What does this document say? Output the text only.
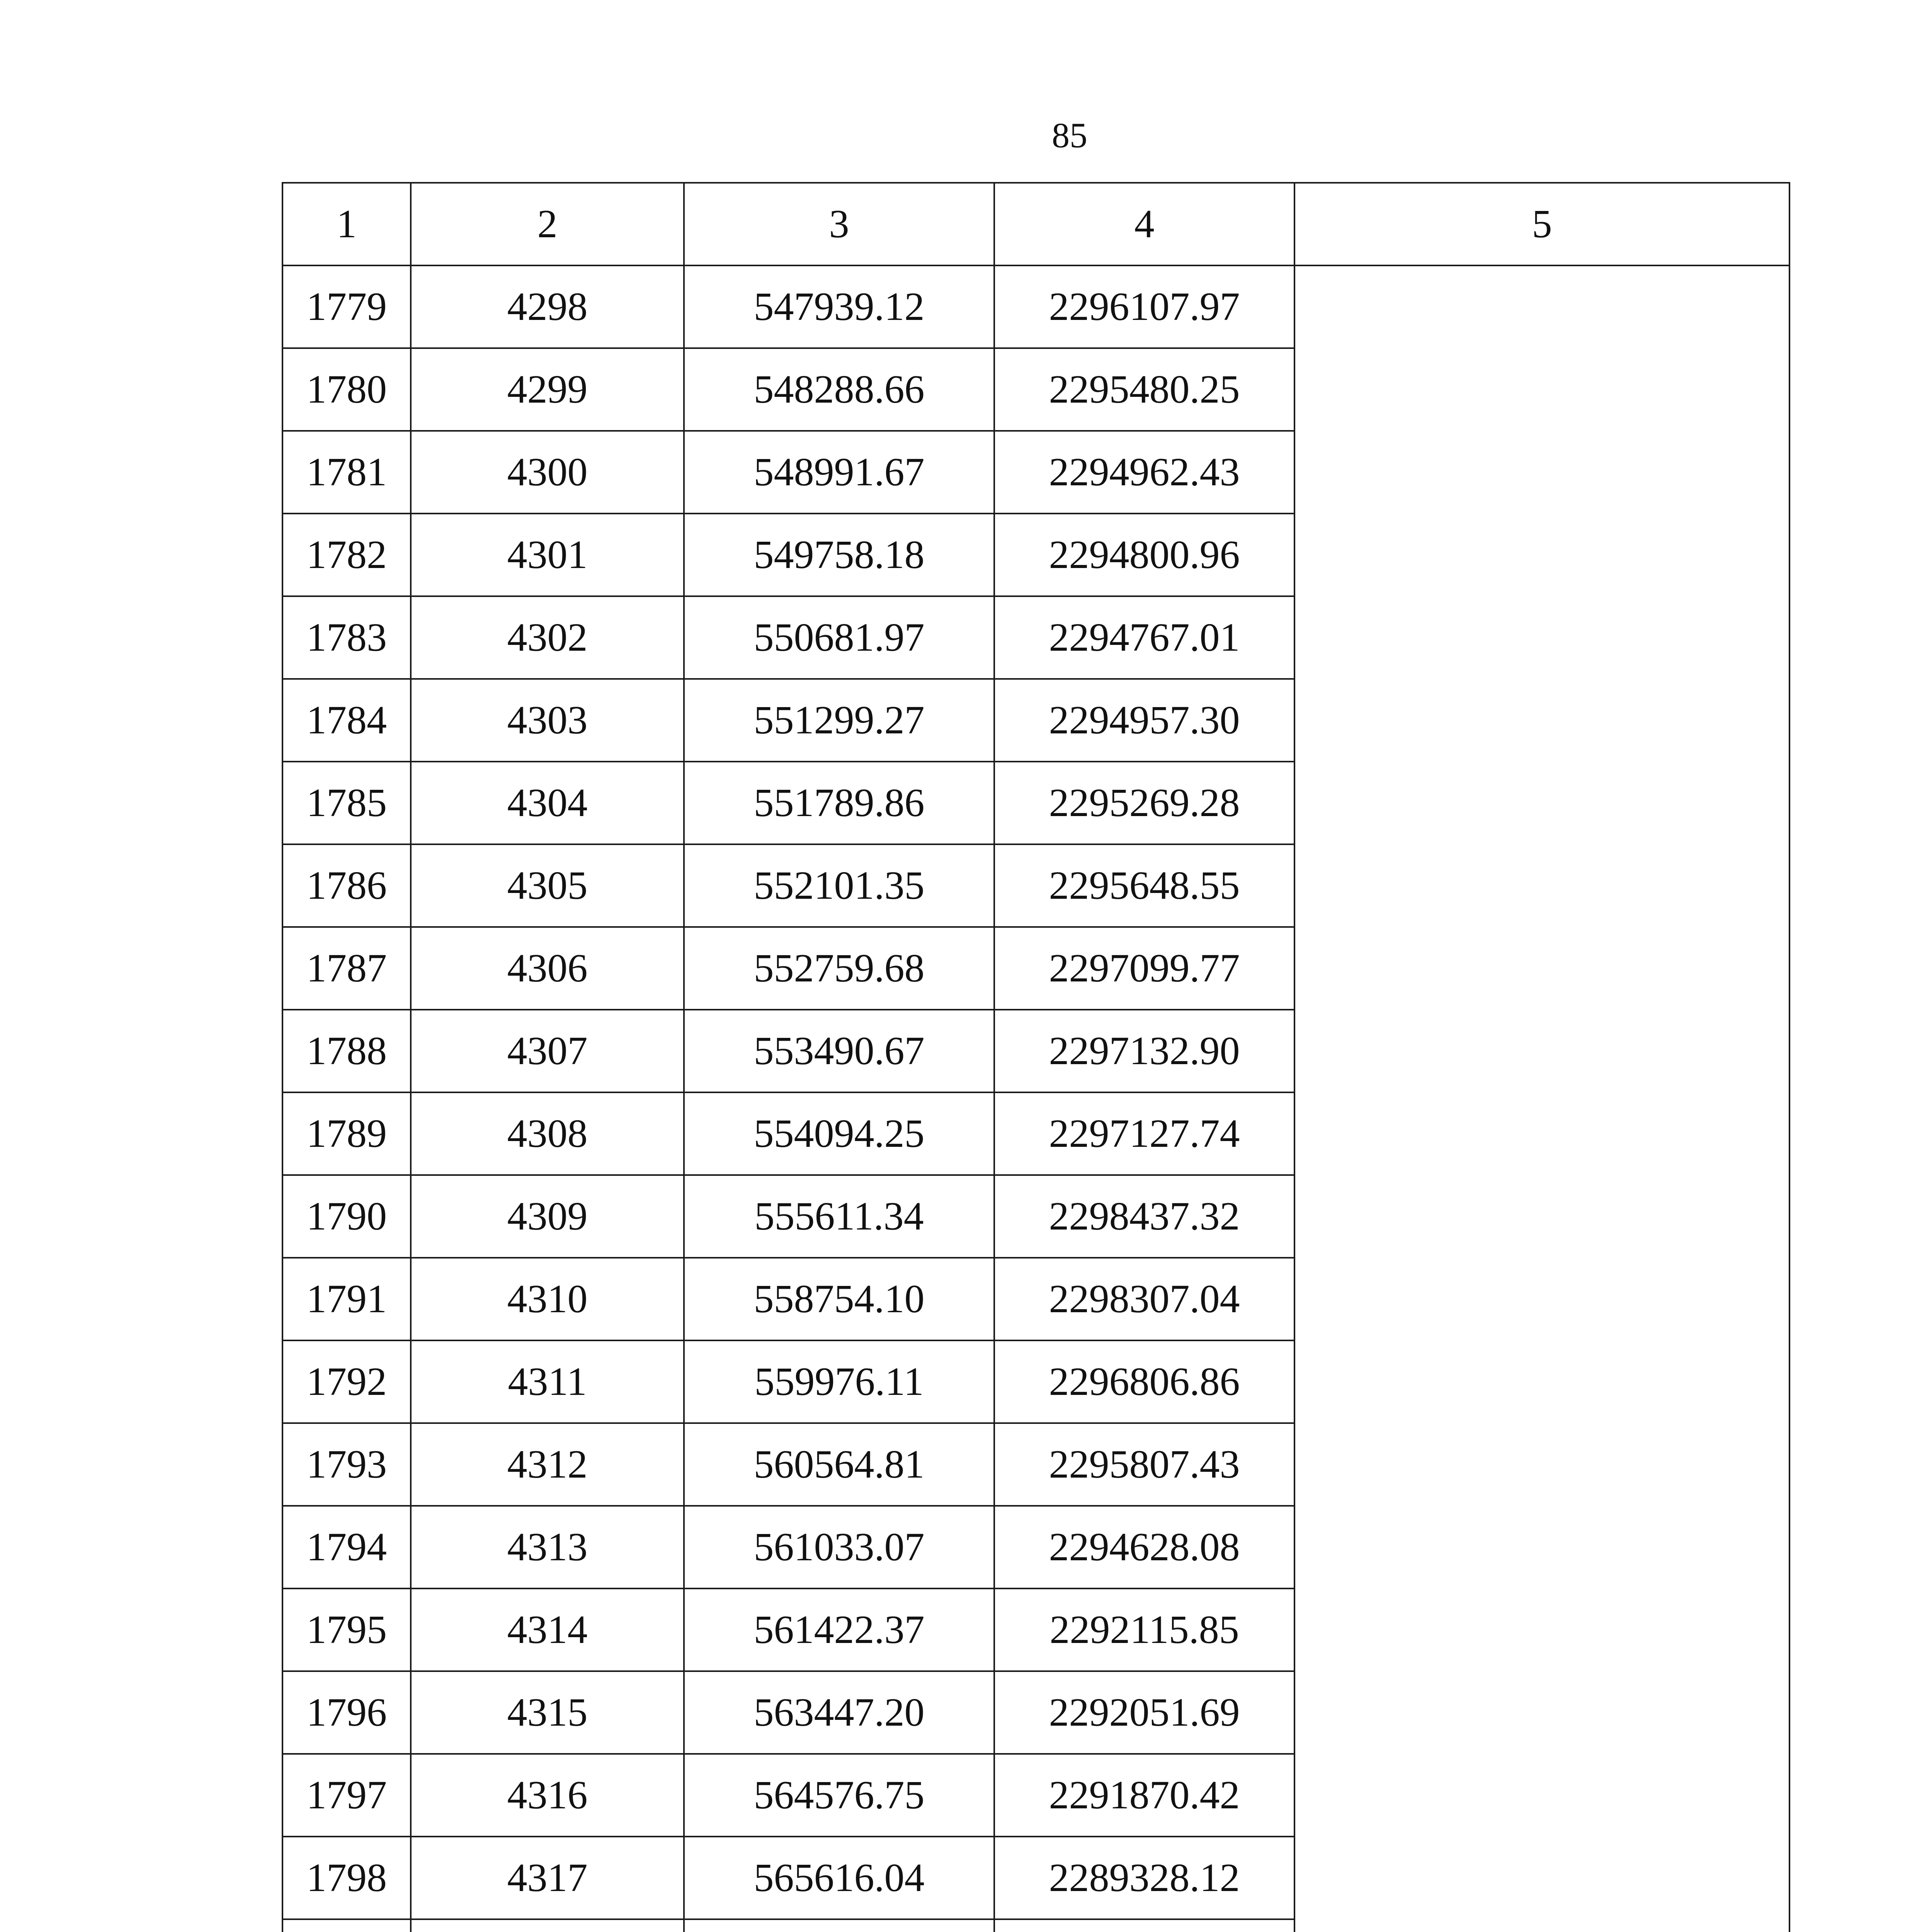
85
1	2	3	4	5
1779	4298	547939.12	2296107.97	
1780	4299	548288.66	2295480.25	
1781	4300	548991.67	2294962.43	
1782	4301	549758.18	2294800.96	
1783	4302	550681.97	2294767.01	
1784	4303	551299.27	2294957.30	
1785	4304	551789.86	2295269.28	
1786	4305	552101.35	2295648.55	
1787	4306	552759.68	2297099.77	
1788	4307	553490.67	2297132.90	
1789	4308	554094.25	2297127.74	
1790	4309	555611.34	2298437.32	
1791	4310	558754.10	2298307.04	
1792	4311	559976.11	2296806.86	
1793	4312	560564.81	2295807.43	
1794	4313	561033.07	2294628.08	
1795	4314	561422.37	2292115.85	
1796	4315	563447.20	2292051.69	
1797	4316	564576.75	2291870.42	
1798	4317	565616.04	2289328.12	
